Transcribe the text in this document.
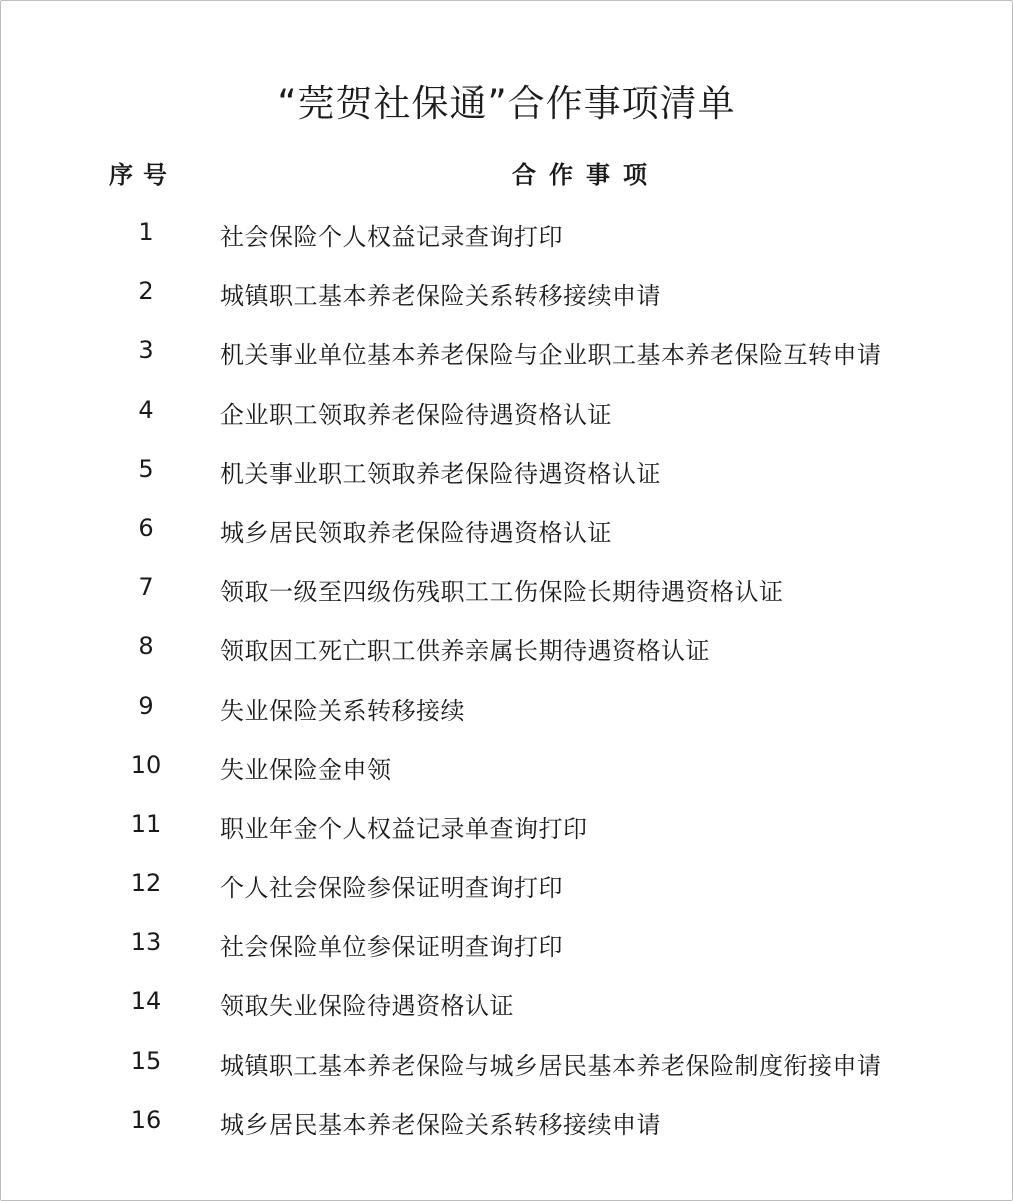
“莞贺社保通”合作事项清单
序号	合作事项
1	社会保险个人权益记录查询打印
2	城镇职工基本养老保险关系转移接续申请
3	机关事业单位基本养老保险与企业职工基本养老保险互转申请
4	企业职工领取养老保险待遇资格认证
5	机关事业职工领取养老保险待遇资格认证
6	城乡居民领取养老保险待遇资格认证
7	领取一级至四级伤残职工工伤保险长期待遇资格认证
8	领取因工死亡职工供养亲属长期待遇资格认证
9	失业保险关系转移接续
10	失业保险金申领
11	职业年金个人权益记录单查询打印
12	个人社会保险参保证明查询打印
13	社会保险单位参保证明查询打印
14	领取失业保险待遇资格认证
15	城镇职工基本养老保险与城乡居民基本养老保险制度衔接申请
16	城乡居民基本养老保险关系转移接续申请
